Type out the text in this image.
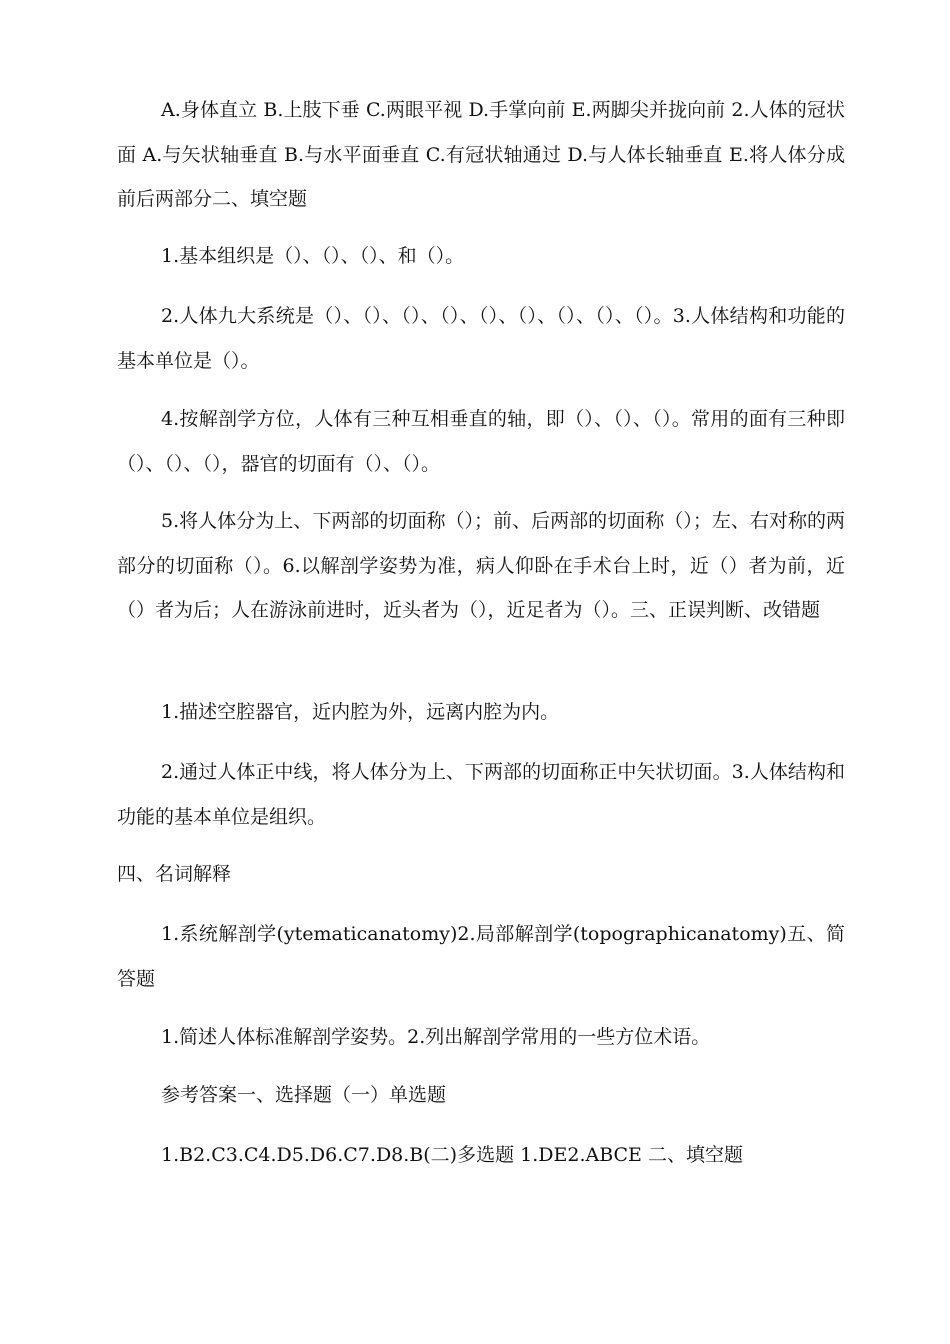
A.身体直立 B.上肢下垂 C.两眼平视 D.手掌向前 E.两脚尖并拢向前 2.人体的冠状面 A.与矢状轴垂直 B.与水平面垂直 C.有冠状轴通过 D.与人体长轴垂直 E.将人体分成前后两部分二、填空题

1.基本组织是（）、（）、（）、和（）。

2.人体九大系统是（）、（）、（）、（）、（）、（）、（）、（）、（）。3.人体结构和功能的基本单位是（）。

4.按解剖学方位，人体有三种互相垂直的轴，即（）、（）、（）。常用的面有三种即（）、（）、（），器官的切面有（）、（）。

5.将人体分为上、下两部的切面称（）；前、后两部的切面称（）；左、右对称的两部分的切面称（）。6.以解剖学姿势为准，病人仰卧在手术台上时，近（）者为前，近（）者为后；人在游泳前进时，近头者为（），近足者为（）。三、正误判断、改错题

1.描述空腔器官，近内腔为外，远离内腔为内。

2.通过人体正中线，将人体分为上、下两部的切面称正中矢状切面。3.人体结构和功能的基本单位是组织。

四、名词解释

1.系统解剖学(ytematicanatomy)2.局部解剖学(topographicanatomy)五、简答题

1.简述人体标准解剖学姿势。2.列出解剖学常用的一些方位术语。

参考答案一、选择题（一）单选题

1.B2.C3.C4.D5.D6.C7.D8.B(二)多选题 1.DE2.ABCE 二、填空题
